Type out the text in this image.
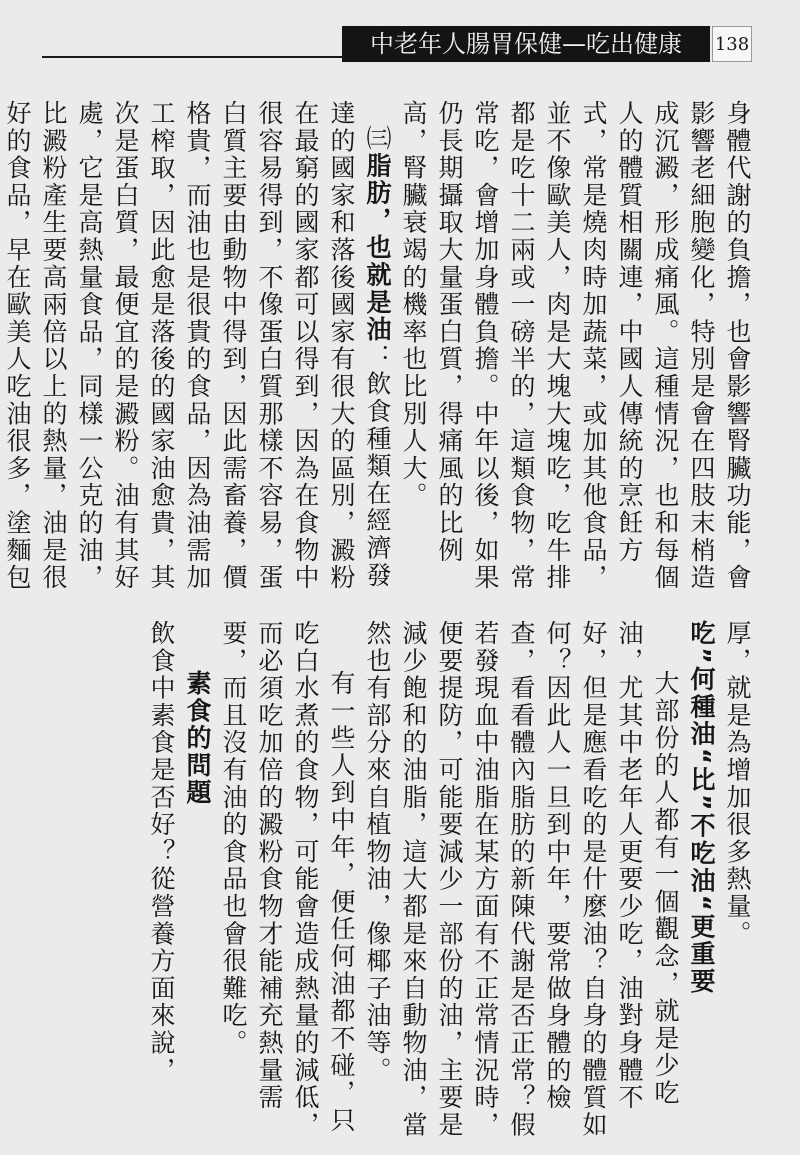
中老年人腸胃保健—吃出健康	138

身體代謝的負擔，也會影響腎臟功能，會影響老細胞變化，特別是會在四肢末梢造成沉澱，形成痛風。這種情況，也和每個人的體質相關連，中國人傳統的烹飪方式，常是燒肉時加蔬菜，或加其他食品，並不像歐美人，肉是大塊大塊吃，吃牛排都是吃十二兩或一磅半的，這類食物，常常吃，會增加身體負擔。中年以後，如果仍長期攝取大量蛋白質，得痛風的比例高，腎臟衰竭的機率也比別人大。

㈢脂肪，也就是油：飲食種類在經濟發達的國家和落後國家有很大的區別，澱粉在最窮的國家都可以得到，因為在食物中很容易得到，不像蛋白質那樣不容易，蛋白質主要由動物中得到，因此需畜養，價格貴，而油也是很貴的食品，因為油需加工榨取，因此愈是落後的國家油愈貴，其次是蛋白質，最便宜的是澱粉。油有其好處，它是高熱量食品，同樣一公克的油，比澱粉產生要高兩倍以上的熱量，油是很好的食品，早在歐美人吃油很多，塗麵包

厚，就是為增加很多熱量。

吃”何種油“比”不吃油“更重要

大部份的人都有一個觀念，就是少吃油，尤其中老年人更要少吃，油對身體不好，但是應看吃的是什麼油？自身的體質如何？因此人一旦到中年，要常做身體的檢查，看看體內脂肪的新陳代謝是否正常？假若發現血中油脂在某方面有不正常情況時，便要提防，可能要減少一部份的油，主要是減少飽和的油脂，這大都是來自動物油，當然也有部分來自植物油，像椰子油等。

有一些人到中年，便任何油都不碰，只吃白水煮的食物，可能會造成熱量的減低，而必須吃加倍的澱粉食物才能補充熱量需要，而且沒有油的食品也會很難吃。

素食的問題

飲食中素食是否好？從營養方面來說，
